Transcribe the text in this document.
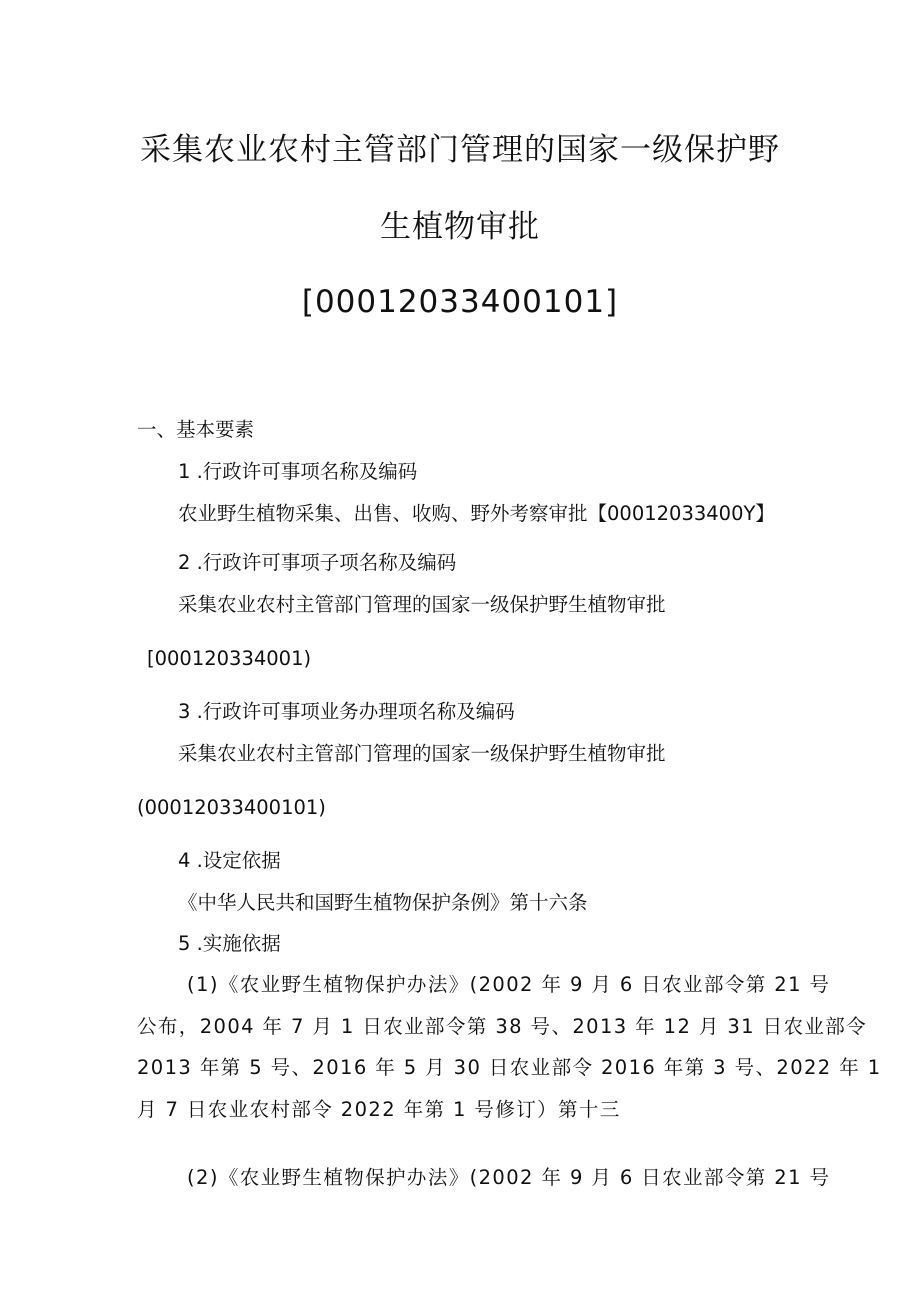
采集农业农村主管部门管理的国家一级保护野
生植物审批
[00012033400101]
一、基本要素
1 .行政许可事项名称及编码
农业野生植物采集、出售、收购、野外考察审批【00012033400Y】
2 .行政许可事项子项名称及编码
采集农业农村主管部门管理的国家一级保护野生植物审批
[000120334001)
3 .行政许可事项业务办理项名称及编码
采集农业农村主管部门管理的国家一级保护野生植物审批
(00012033400101)
4 .设定依据
《中华人民共和国野生植物保护条例》第十六条
5 .实施依据
(1)《农业野生植物保护办法》(2002 年 9 月 6 日农业部令第 21 号
公布，2004 年 7 月 1 日农业部令第 38 号、2013 年 12 月 31 日农业部令
2013 年第 5 号、2016 年 5 月 30 日农业部令 2016 年第 3 号、2022 年 1
月 7 日农业农村部令 2022 年第 1 号修订）第十三
(2)《农业野生植物保护办法》(2002 年 9 月 6 日农业部令第 21 号
